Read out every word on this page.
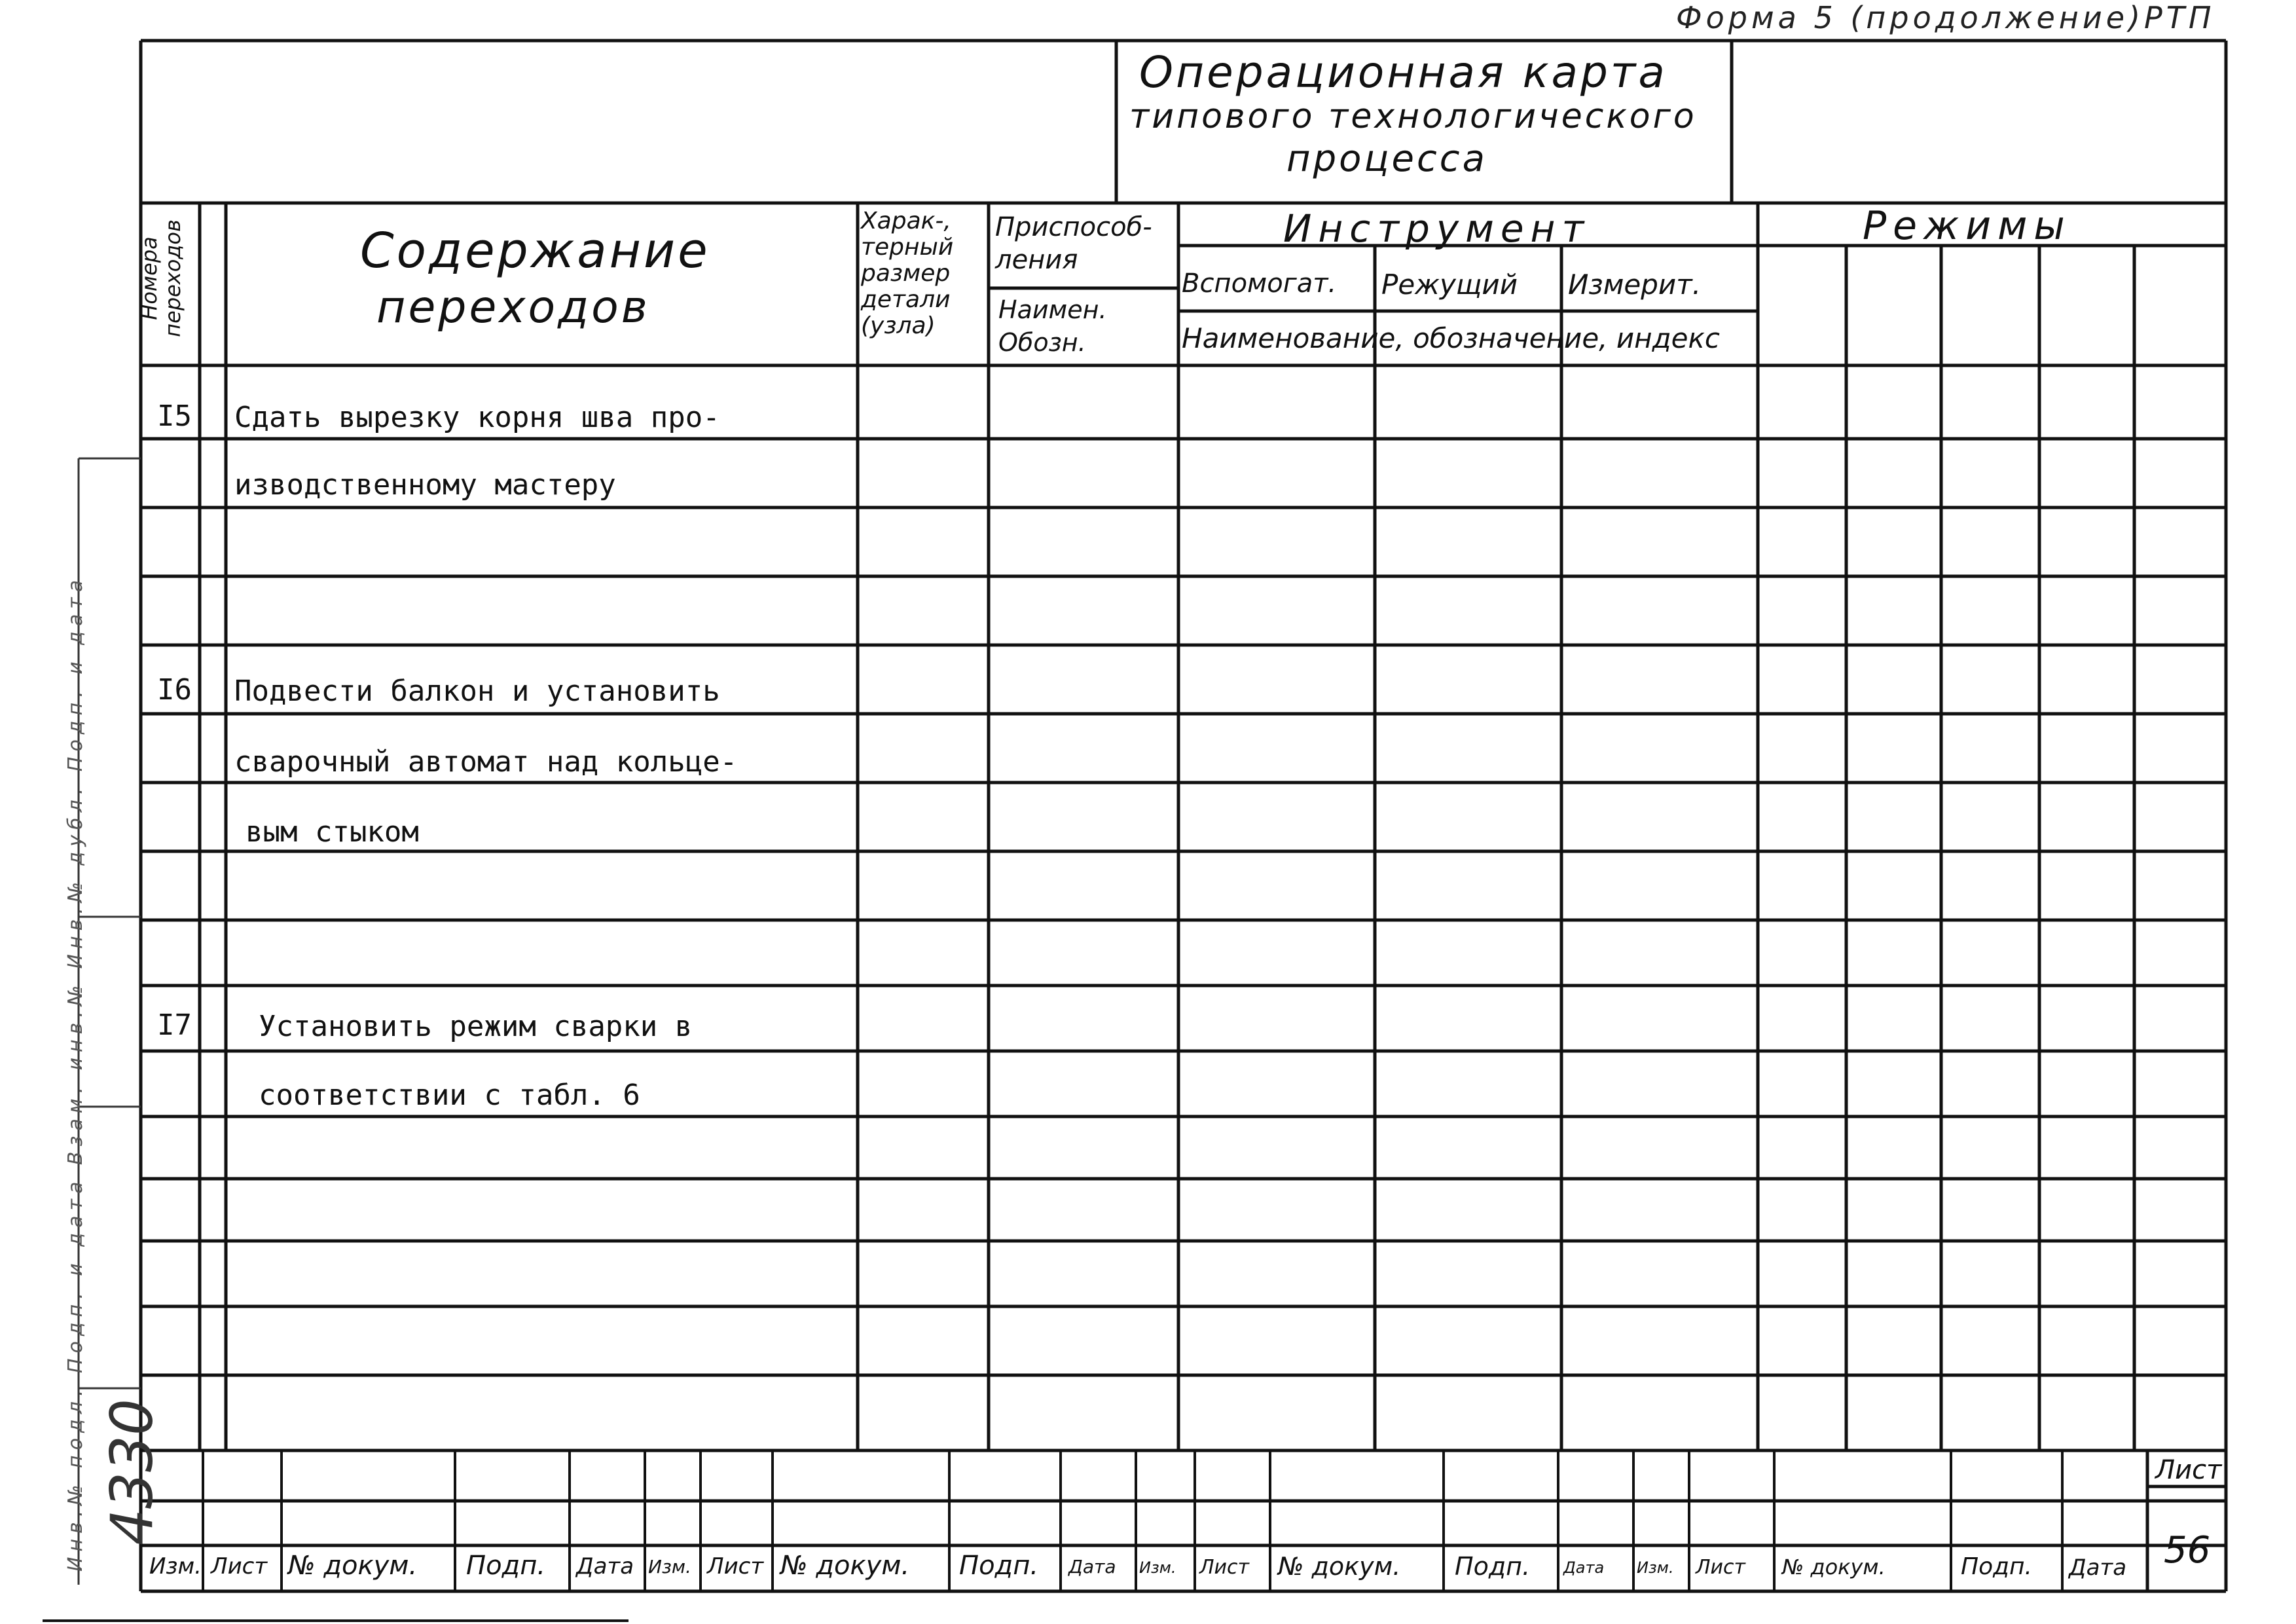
Форма 5 (продолжение)РТП
Операционная карта
типового технологического
процесса
Номера переходов	Содержание
переходов
Харак-,
терный
размер
детали
(узла)
Приспособ-
ления
Наимен.
Обозн.
Инструмент
Вспомогат. Режущий Измерит.
Наименование, обозначение, индекс
Режимы
I5 Сдать вырезку корня шва про-
изводственному мастеру
I6 Подвести балкон и установить
сварочный автомат над кольце-
вым стыком
I7 Установить режим сварки в
соответствии с табл. 6
Изм. Лист № докум. Подп. Дата Изм. Лист № докум. Подп. Дата Изм. Лист № докум. Подп. Дата Изм. Лист № докум.	Подп. Дата
Лист
56
4330
Инв.№ подл. Подп. и дата Взам. инв.№ Инв.№ дубл. Подп. и дата
